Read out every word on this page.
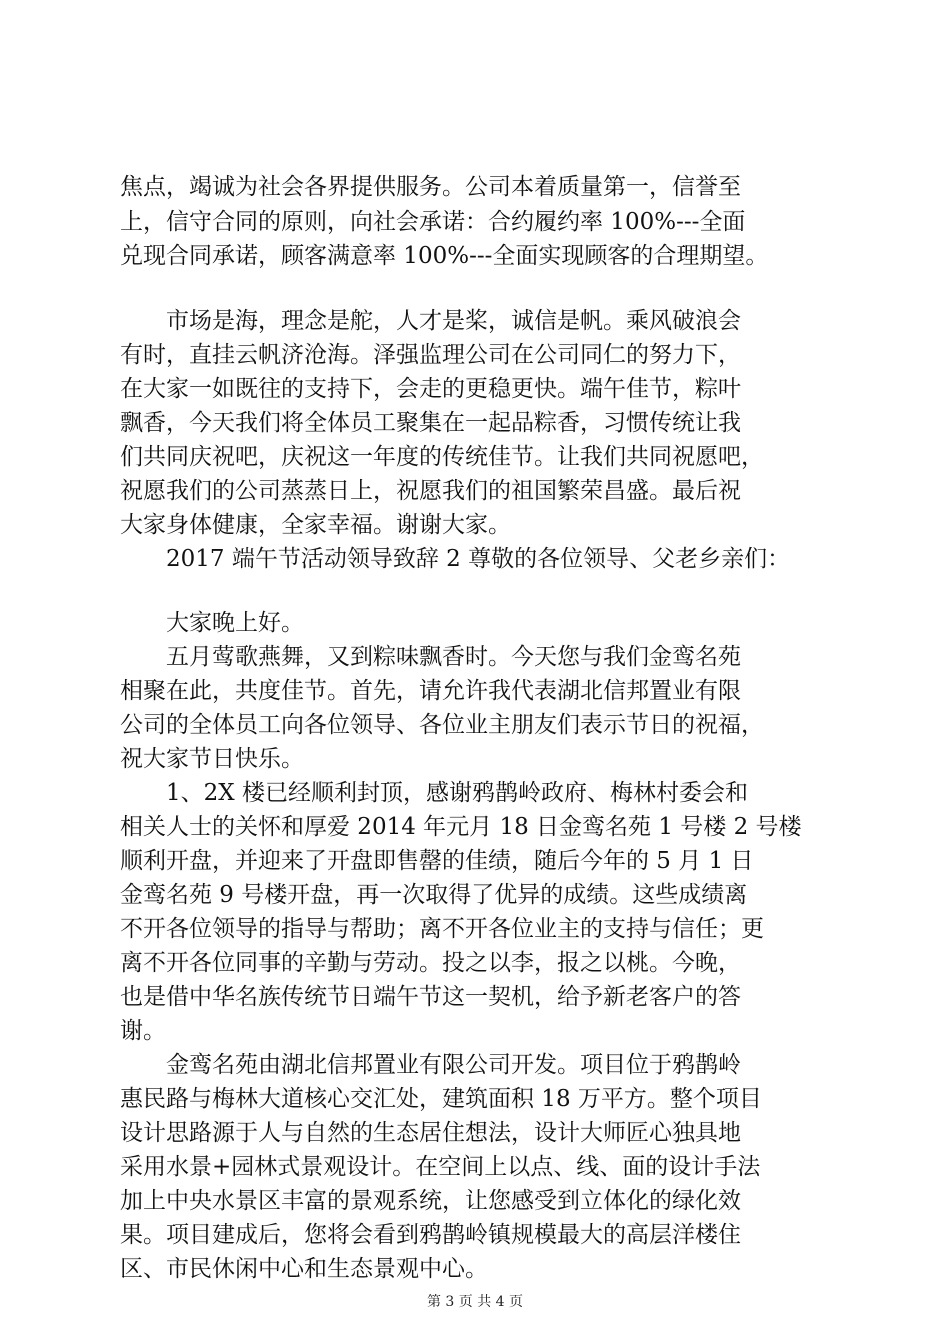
焦点，竭诚为社会各界提供服务。公司本着质量第一，信誉至
上，信守合同的原则，向社会承诺：合约履约率 100%---全面
兑现合同承诺，顾客满意率 100%---全面实现顾客的合理期望。
市场是海，理念是舵，人才是桨，诚信是帆。乘风破浪会
有时，直挂云帆济沧海。泽强监理公司在公司同仁的努力下，
在大家一如既往的支持下，会走的更稳更快。端午佳节，粽叶
飘香，今天我们将全体员工聚集在一起品粽香，习惯传统让我
们共同庆祝吧，庆祝这一年度的传统佳节。让我们共同祝愿吧，
祝愿我们的公司蒸蒸日上，祝愿我们的祖国繁荣昌盛。最后祝
大家身体健康，全家幸福。谢谢大家。
2017 端午节活动领导致辞 2 尊敬的各位领导、父老乡亲们：
大家晚上好。
五月莺歌燕舞，又到粽味飘香时。今天您与我们金鸾名苑
相聚在此，共度佳节。首先，请允许我代表湖北信邦置业有限
公司的全体员工向各位领导、各位业主朋友们表示节日的祝福，
祝大家节日快乐。
1、2X 楼已经顺利封顶，感谢鸦鹊岭政府、梅林村委会和
相关人士的关怀和厚爱 2014 年元月 18 日金鸾名苑 1 号楼 2 号楼
顺利开盘，并迎来了开盘即售罄的佳绩，随后今年的 5 月 1 日
金鸾名苑 9 号楼开盘，再一次取得了优异的成绩。这些成绩离
不开各位领导的指导与帮助；离不开各位业主的支持与信任；更
离不开各位同事的辛勤与劳动。投之以李，报之以桃。今晚，
也是借中华名族传统节日端午节这一契机，给予新老客户的答
谢。
金鸾名苑由湖北信邦置业有限公司开发。项目位于鸦鹊岭
惠民路与梅林大道核心交汇处，建筑面积 18 万平方。整个项目
设计思路源于人与自然的生态居住想法，设计大师匠心独具地
采用水景+园林式景观设计。在空间上以点、线、面的设计手法
加上中央水景区丰富的景观系统，让您感受到立体化的绿化效
果。项目建成后，您将会看到鸦鹊岭镇规模最大的高层洋楼住
区、市民休闲中心和生态景观中心。
第 3 页 共 4 页
